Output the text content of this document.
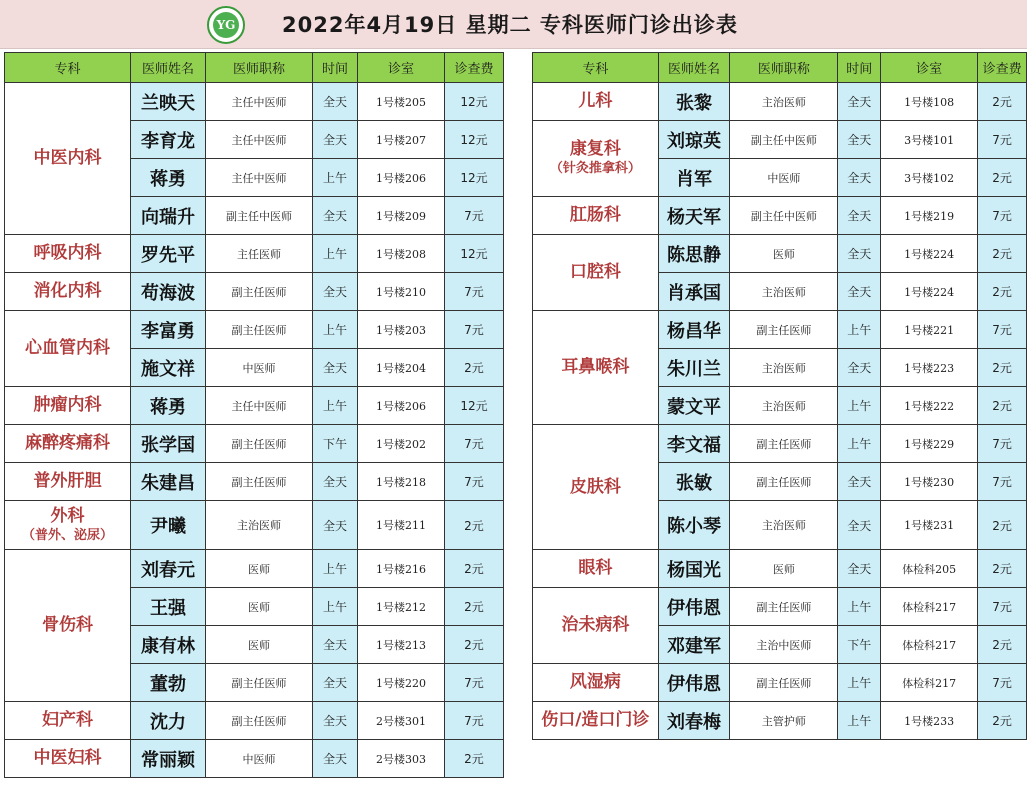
YG 2022年4月19日 星期二 专科医师门诊出诊表
专科	医师姓名	医师职称	时间	诊室	诊查费
中医内科	兰映天	主任中医师	全天	1号楼205	12元
	李育龙	主任中医师	全天	1号楼207	12元
	蒋勇	主任中医师	上午	1号楼206	12元
	向瑞升	副主任中医师	全天	1号楼209	7元
呼吸内科	罗先平	主任医师	上午	1号楼208	12元
消化内科	苟海波	副主任医师	全天	1号楼210	7元
心血管内科	李富勇	副主任医师	上午	1号楼203	7元
	施文祥	中医师	全天	1号楼204	2元
肿瘤内科	蒋勇	主任中医师	上午	1号楼206	12元
麻醉疼痛科	张学国	副主任医师	下午	1号楼202	7元
普外肝胆	朱建昌	副主任医师	全天	1号楼218	7元
外科
（普外、泌尿）	尹曦	主治医师	全天	1号楼211	2元
骨伤科	刘春元	医师	上午	1号楼216	2元
	王强	医师	上午	1号楼212	2元
	康有林	医师	全天	1号楼213	2元
	董勃	副主任医师	全天	1号楼220	7元
妇产科	沈力	副主任医师	全天	2号楼301	7元
中医妇科	常丽颖	中医师	全天	2号楼303	2元
专科	医师姓名	医师职称	时间	诊室	诊查费
儿科	张黎	主治医师	全天	1号楼108	2元
康复科
（针灸推拿科）	刘琼英	副主任中医师	全天	3号楼101	7元
	肖军	中医师	全天	3号楼102	2元
肛肠科	杨天军	副主任中医师	全天	1号楼219	7元
口腔科	陈思静	医师	全天	1号楼224	2元
	肖承国	主治医师	全天	1号楼224	2元
耳鼻喉科	杨昌华	副主任医师	上午	1号楼221	7元
	朱川兰	主治医师	全天	1号楼223	2元
	蒙文平	主治医师	上午	1号楼222	2元
皮肤科	李文福	副主任医师	上午	1号楼229	7元
	张敏	副主任医师	全天	1号楼230	7元
	陈小琴	主治医师	全天	1号楼231	2元
眼科	杨国光	医师	全天	体检科205	2元
治未病科	伊伟恩	副主任医师	上午	体检科217	7元
	邓建军	主治中医师	下午	体检科217	2元
风湿病	伊伟恩	副主任医师	上午	体检科217	7元
伤口/造口门诊	刘春梅	主管护师	上午	1号楼233	2元
